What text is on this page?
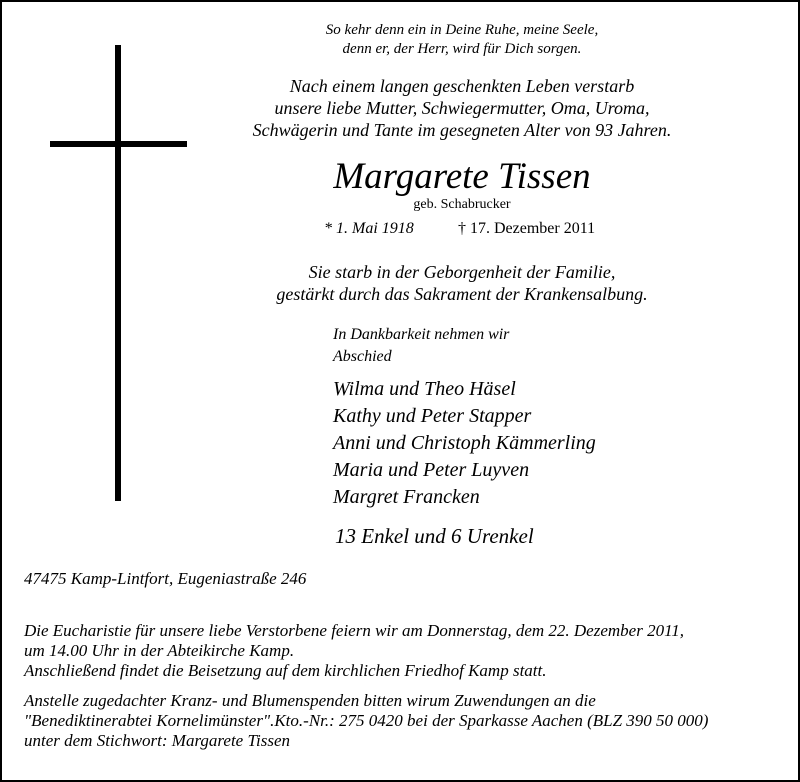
So kehr denn ein in Deine Ruhe, meine Seele,

denn er, der Herr, wird für Dich sorgen.

Nach einem langen geschenkten Leben verstarb

unsere liebe Mutter, Schwiegermutter, Oma, Uroma,

Schwägerin und Tante im gesegneten Alter von 93 Jahren.

Margarete Tissen

geb. Schabrucker

* 1. Mai 1918	† 17. Dezember 2011

Sie starb in der Geborgenheit der Familie,

gestärkt durch das Sakrament der Krankensalbung.

In Dankbarkeit nehmen wir

Abschied

Wilma und Theo Häsel

Kathy und Peter Stapper

Anni und Christoph Kämmerling

Maria und Peter Luyven

Margret Francken

13 Enkel und 6 Urenkel

47475 Kamp-Lintfort, Eugeniastraße 246

Die Eucharistie für unsere liebe Verstorbene feiern wir am Donnerstag, dem 22. Dezember 2011,

um 14.00 Uhr in der Abteikirche Kamp.

Anschließend findet die Beisetzung auf dem kirchlichen Friedhof Kamp statt.

Anstelle zugedachter Kranz- und Blumenspenden bitten wirum Zuwendungen an die

"Benediktinerabtei Kornelimünster".Kto.-Nr.: 275 0420 bei der Sparkasse Aachen (BLZ 390 50 000)

unter dem Stichwort: Margarete Tissen
